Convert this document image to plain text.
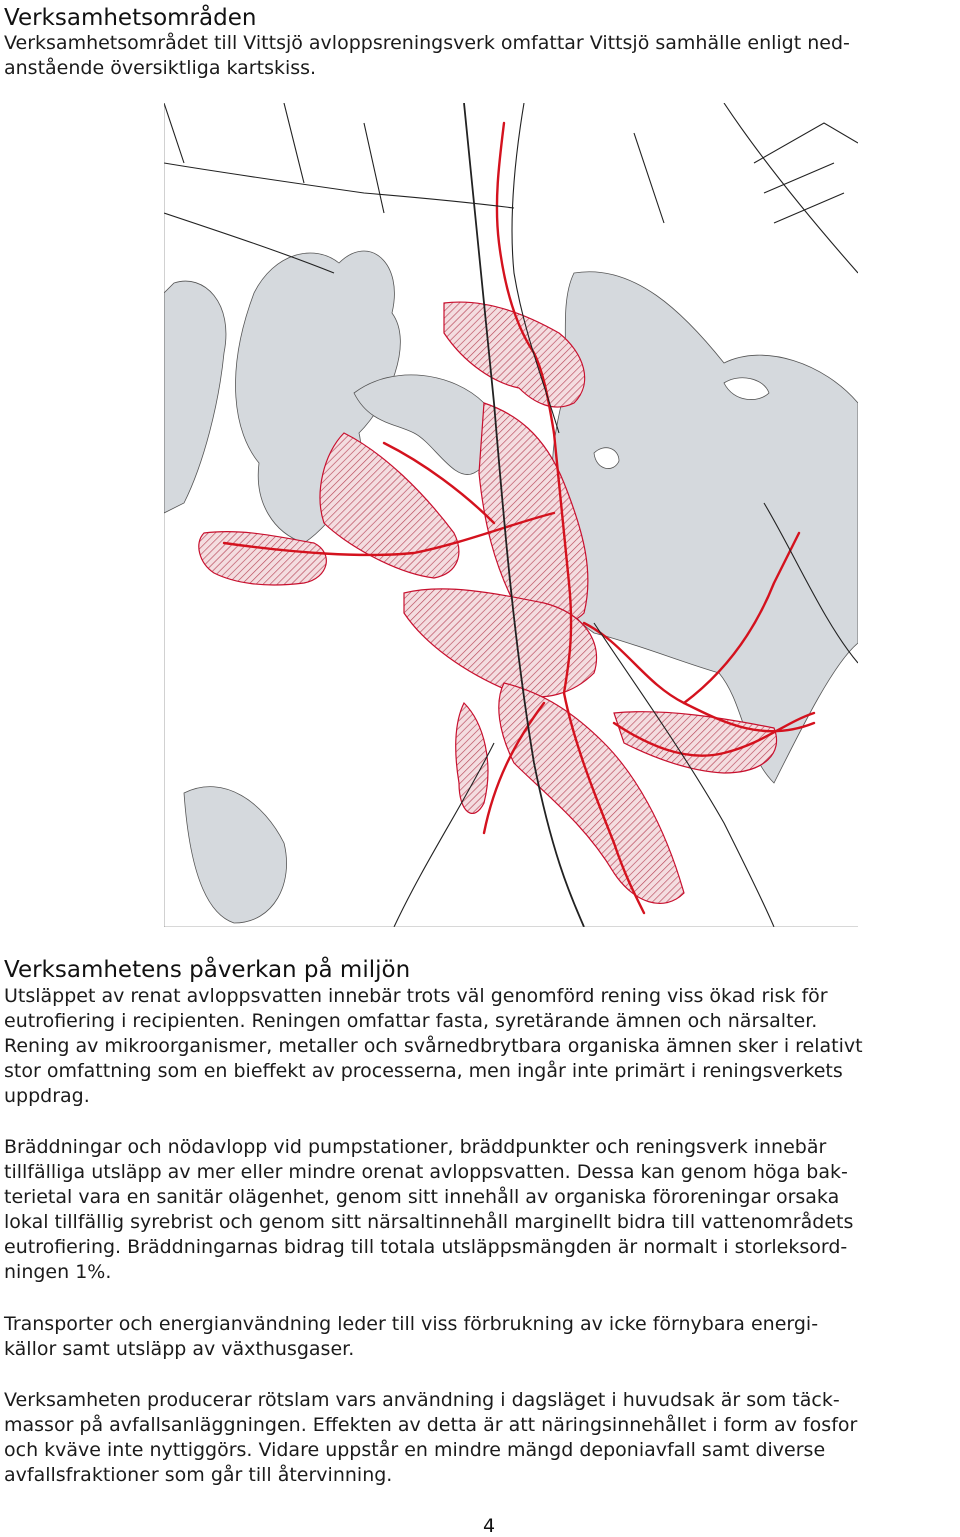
Verksamhetsområden

Verksamhetsområdet till Vittsjö avloppsreningsverk omfattar Vittsjö samhälle enligt ned-

anstående översiktliga kartskiss.

Verksamhetens påverkan på miljön

Utsläppet av renat avloppsvatten innebär trots väl genomförd rening viss ökad risk för

eutrofiering i recipienten. Reningen omfattar fasta, syretärande ämnen och närsalter.

Rening av mikroorganismer, metaller och svårnedbrytbara organiska ämnen sker i relativt

stor omfattning som en bieffekt av processerna, men ingår inte primärt i reningsverkets

uppdrag.

Bräddningar och nödavlopp vid pumpstationer, bräddpunkter och reningsverk innebär

tillfälliga utsläpp av mer eller mindre orenat avloppsvatten. Dessa kan genom höga bak-

terietal vara en sanitär olägenhet, genom sitt innehåll av organiska föroreningar orsaka

lokal tillfällig syrebrist och genom sitt närsaltinnehåll marginellt bidra till vattenområdets

eutrofiering. Bräddningarnas bidrag till totala utsläppsmängden är normalt i storleksord-

ningen 1%.

Transporter och energianvändning leder till viss förbrukning av icke förnybara energi-

källor samt utsläpp av växthusgaser.

Verksamheten producerar rötslam vars användning i dagsläget i huvudsak är som täck-

massor på avfallsanläggningen. Effekten av detta är att näringsinnehållet i form av fosfor

och kväve inte nyttiggörs. Vidare uppstår en mindre mängd deponiavfall samt diverse

avfallsfraktioner som går till återvinning.

4
